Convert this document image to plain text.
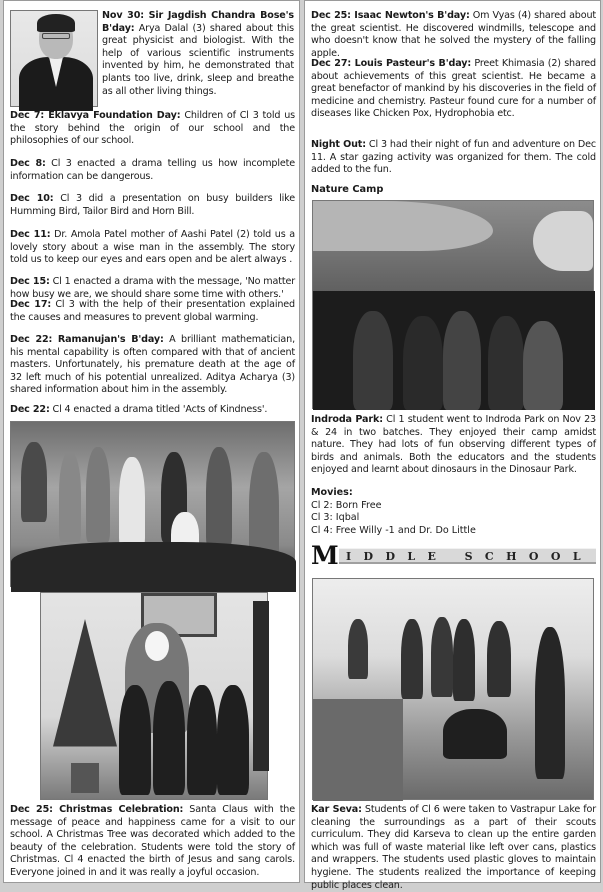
Nov 30: Sir Jagdish Chandra Bose's B'day: Arya Dalal (3) shared about this great physicist and biologist. With the help of various scientific instruments invented by him, he demonstrated that plants too live, drink, sleep and breathe as all other living things.

Dec 7: Eklavya Foundation Day: Children of Cl 3 told us the story behind the origin of our school and the philosophies of our school.

Dec 8: Cl 3 enacted a drama telling us how incomplete information can be dangerous.

Dec 10: Cl 3 did a presentation on busy builders like Humming Bird, Tailor Bird and Horn Bill.

Dec 11: Dr. Amola Patel mother of Aashi Patel (2) told us a lovely story about a wise man in the assembly. The story told us to keep our eyes and ears open and be alert always .

Dec 15: Cl 1 enacted a drama with the message, 'No matter how busy we are, we should share some time with others.'

Dec 17: Cl 3 with the help of their presentation explained the causes and measures to prevent global warming.

Dec 22: Ramanujan's B'day: A brilliant mathematician, his mental capability is often compared with that of ancient masters. Unfortunately, his premature death at the age of 32 left much of his potential unrealized. Aditya Acharya (3) shared information about him in the assembly.

Dec 22: Cl 4 enacted a drama titled 'Acts of Kindness'.

Dec 25: Christmas Celebration: Santa Claus with the message of peace and happiness came for a visit to our school. A Christmas Tree was decorated which added to the beauty of the celebration. Students were told the story of Christmas. Cl 4 enacted the birth of Jesus and sang carols. Everyone joined in and it was really a joyful occasion.

Dec 25: Isaac Newton's B'day: Om Vyas (4) shared about the great scientist. He discovered windmills, telescope and who doesn't know that he solved the mystery of the falling apple.

Dec 27: Louis Pasteur's B'day: Preet Khimasia (2) shared about achievements of this great scientist. He became a great benefactor of mankind by his discoveries in the field of medicine and chemistry. Pasteur found cure for a number of diseases like Chicken Pox, Hydrophobia etc.

Night Out: Cl 3 had their night of fun and adventure on Dec 11. A star gazing activity was organized for them. The cold added to the fun.

Nature Camp

Indroda Park: Cl 1 student went to Indroda Park on Nov 23 & 24 in two batches. They enjoyed their camp amidst nature. They had lots of fun observing different types of birds and animals. Both the educators and the students enjoyed and learnt about dinosaurs in the Dinosaur Park.

Movies:
Cl 2: Born Free
Cl 3: Iqbal
Cl 4: Free Willy -1 and Dr. Do Little
M IDDLE SCHOOL

Kar Seva: Students of Cl 6 were taken to Vastrapur Lake for cleaning the surroundings as a part of their scouts curriculum. They did Karseva to clean up the entire garden which was full of waste material like left over cans, plastics and wrappers. The students used plastic gloves to maintain hygiene. The students realized the importance of keeping public places clean.
